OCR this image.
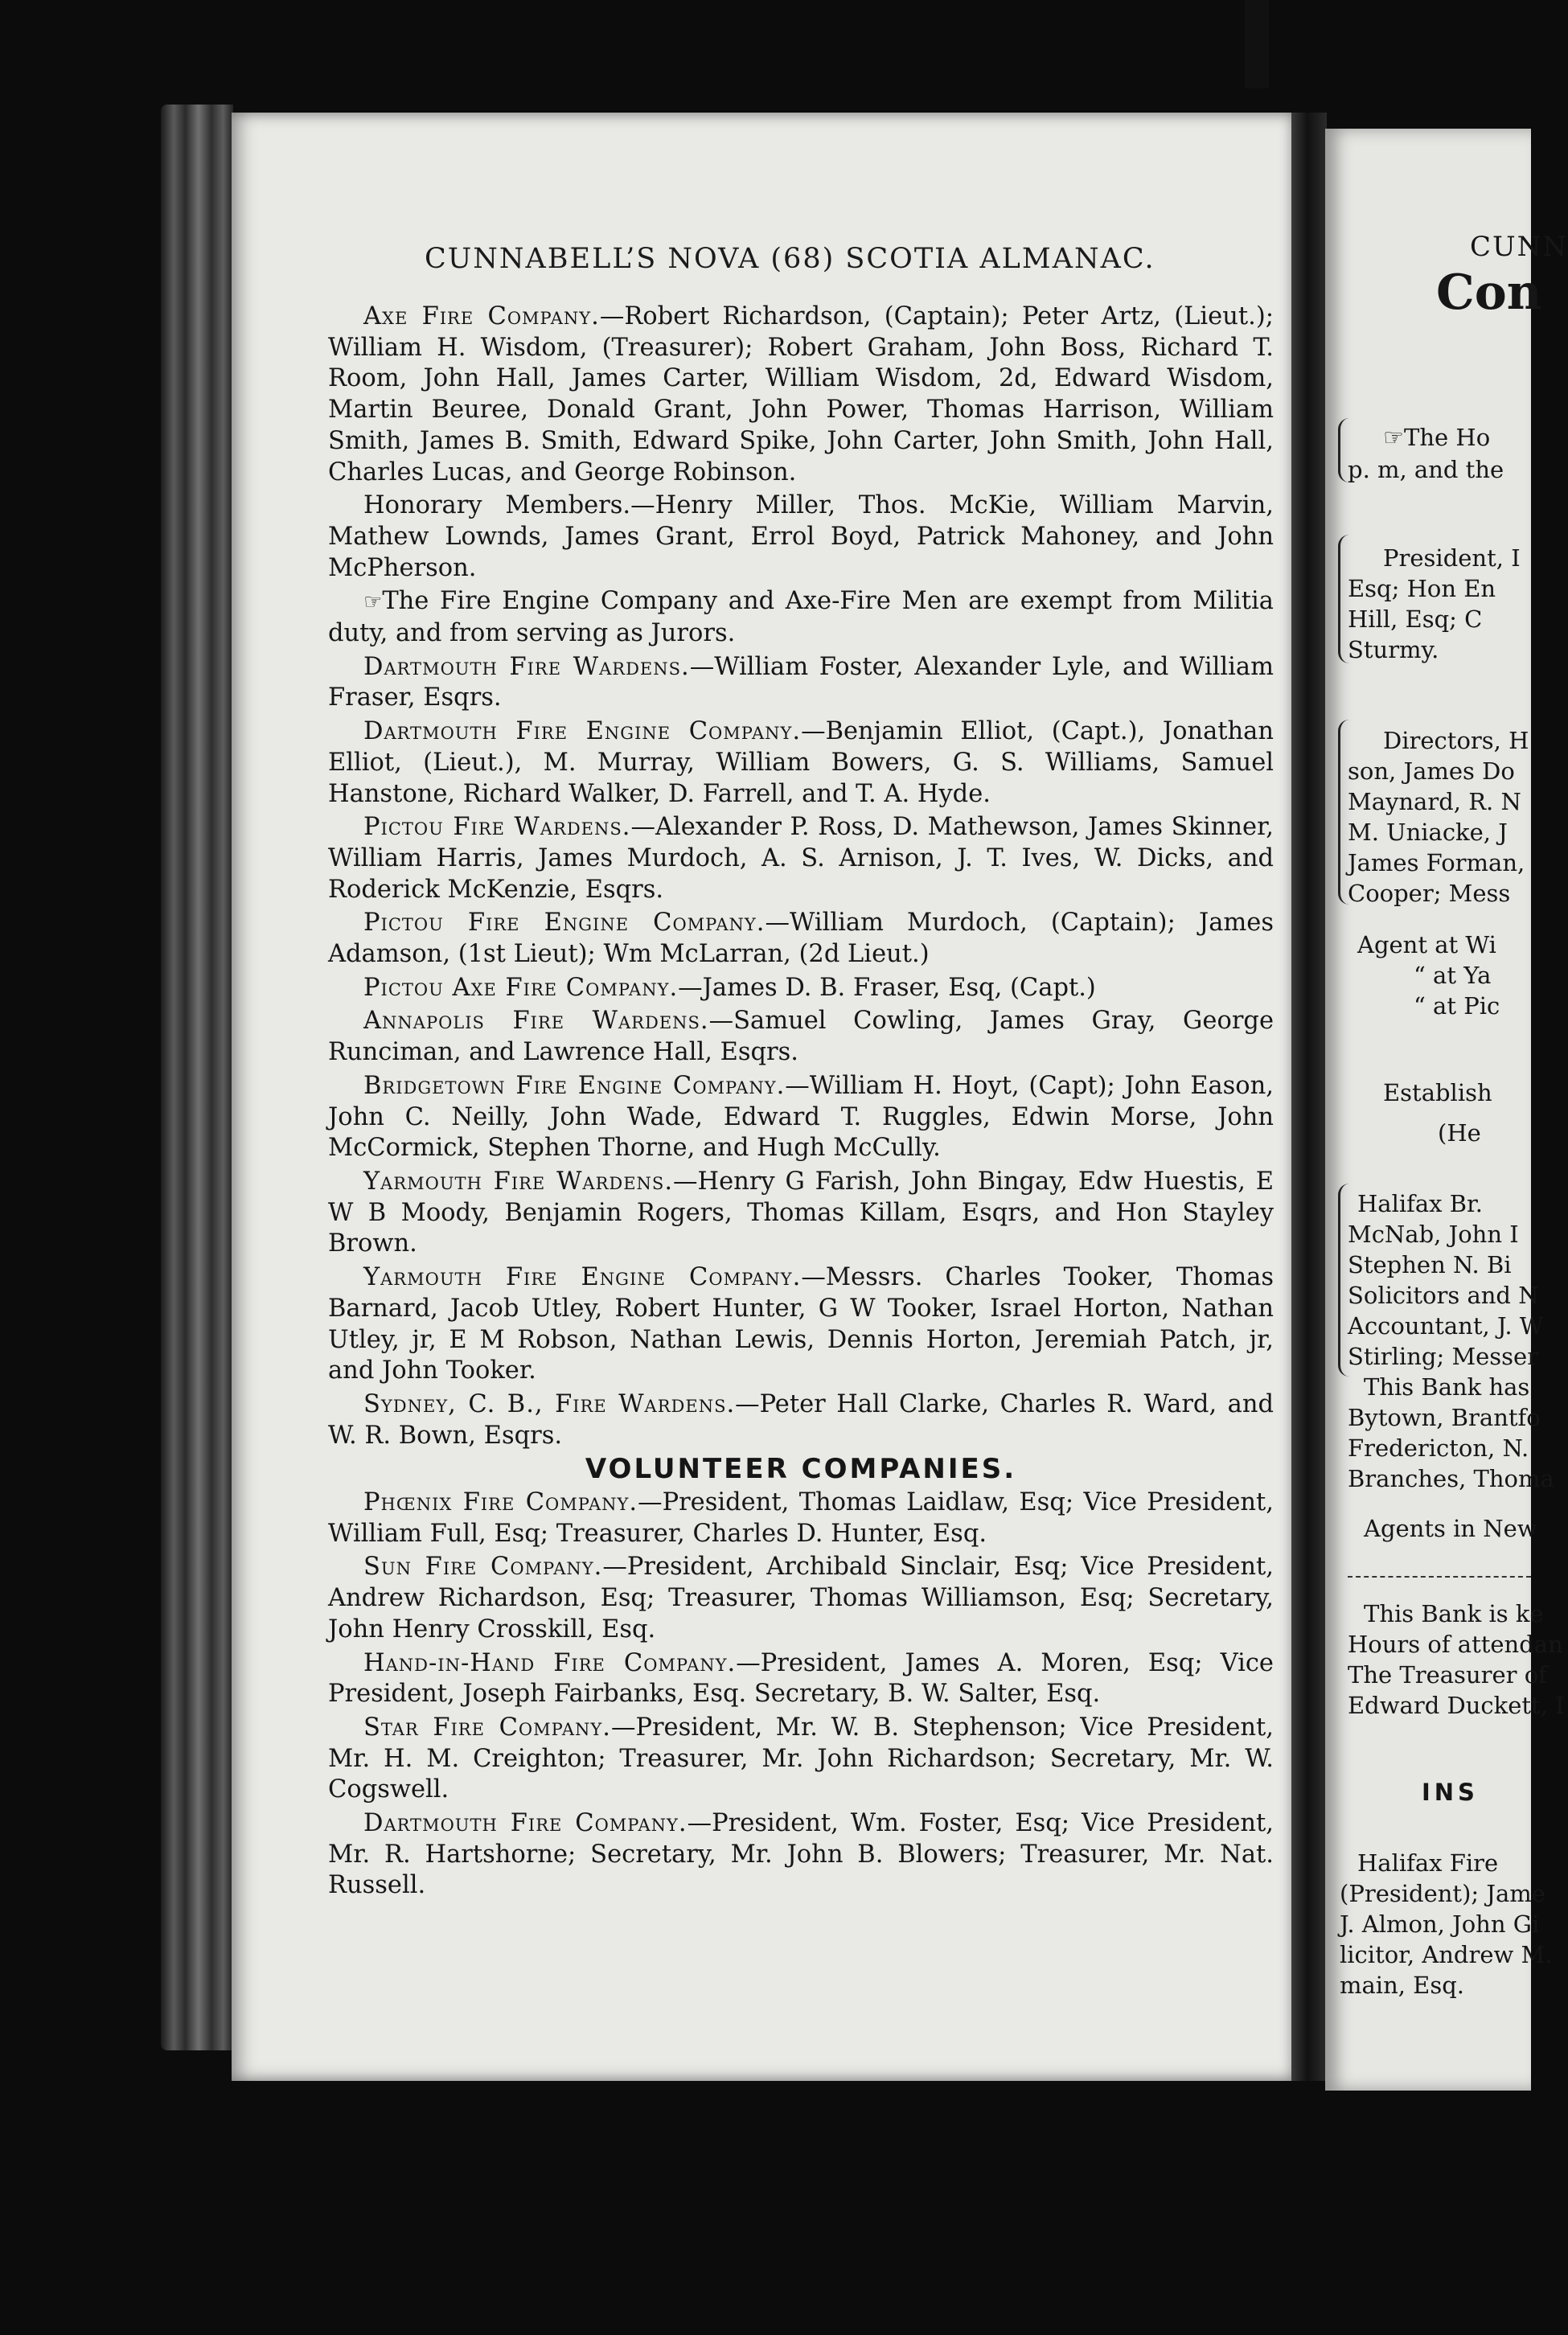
CUNN
Con
☞The Ho
p. m, and the
President, I
Esq; Hon En
Hill, Esq; C
Sturmy.
Directors, H
son, James Do
Maynard, R. N
M. Uniacke, J
James Forman,
Cooper; Mess
Agent at Wi
“ at Ya
“ at Pic
Establish
(He
Halifax Br.
McNab, John I
Stephen N. Bi
Solicitors and N
Accountant, J. W
Stirling; Messer
This Bank has
Bytown, Brantfo
Fredericton, N.
Branches, Thoma
Agents in New
This Bank is ke
Hours of attendan
The Treasurer of
Edward Duckett, I
INS
Halifax Fire
(President); Jame
J. Almon, John Gi
licitor, Andrew M.
main, Esq.
CUNNABELL’S NOVA (68) SCOTIA ALMANAC.

Axe Fire Company.—Robert Richardson, (Captain); Peter Artz, (Lieut.); William H. Wisdom, (Treasurer); Robert Graham, John Boss, Richard T. Room, John Hall, James Carter, William Wisdom, 2d, Edward Wisdom, Martin Beuree, Donald Grant, John Power, Thomas Harrison, William Smith, James B. Smith, Edward Spike, John Carter, John Smith, John Hall, Charles Lucas, and George Robinson.

Honorary Members.—Henry Miller, Thos. McKie, William Marvin, Mathew Lownds, James Grant, Errol Boyd, Patrick Mahoney, and John McPherson.

☞The Fire Engine Company and Axe-Fire Men are exempt from Militia duty, and from serving as Jurors.

Dartmouth Fire Wardens.—William Foster, Alexander Lyle, and William Fraser, Esqrs.

Dartmouth Fire Engine Company.—Benjamin Elliot, (Capt.), Jonathan Elliot, (Lieut.), M. Murray, William Bowers, G. S. Williams, Samuel Hanstone, Richard Walker, D. Farrell, and T. A. Hyde.

Pictou Fire Wardens.—Alexander P. Ross, D. Mathewson, James Skinner, William Harris, James Murdoch, A. S. Arnison, J. T. Ives, W. Dicks, and Roderick McKenzie, Esqrs.

Pictou Fire Engine Company.—William Murdoch, (Captain); James Adamson, (1st Lieut); Wm McLarran, (2d Lieut.)

Pictou Axe Fire Company.—James D. B. Fraser, Esq, (Capt.)

Annapolis Fire Wardens.—Samuel Cowling, James Gray, George Runciman, and Lawrence Hall, Esqrs.

Bridgetown Fire Engine Company.—William H. Hoyt, (Capt); John Eason, John C. Neilly, John Wade, Edward T. Ruggles, Edwin Morse, John McCormick, Stephen Thorne, and Hugh McCully.

Yarmouth Fire Wardens.—Henry G Farish, John Bingay, Edw Huestis, E W B Moody, Benjamin Rogers, Thomas Killam, Esqrs, and Hon Stayley Brown.

Yarmouth Fire Engine Company.—Messrs. Charles Tooker, Thomas Barnard, Jacob Utley, Robert Hunter, G W Tooker, Israel Horton, Nathan Utley, jr, E M Robson, Nathan Lewis, Dennis Horton, Jeremiah Patch, jr, and John Tooker.

Sydney, C. B., Fire Wardens.—Peter Hall Clarke, Charles R. Ward, and W. R. Bown, Esqrs.

VOLUNTEER COMPANIES.

Phœnix Fire Company.—President, Thomas Laidlaw, Esq; Vice President, William Full, Esq; Treasurer, Charles D. Hunter, Esq.

Sun Fire Company.—President, Archibald Sinclair, Esq; Vice President, Andrew Richardson, Esq; Treasurer, Thomas Williamson, Esq; Secretary, John Henry Crosskill, Esq.

Hand-in-Hand Fire Company.—President, James A. Moren, Esq; Vice President, Joseph Fairbanks, Esq. Secretary, B. W. Salter, Esq.

Star Fire Company.—President, Mr. W. B. Stephenson; Vice President, Mr. H. M. Creighton; Treasurer, Mr. John Richardson; Secretary, Mr. W. Cogswell.

Dartmouth Fire Company.—President, Wm. Foster, Esq; Vice President, Mr. R. Hartshorne; Secretary, Mr. John B. Blowers; Treasurer, Mr. Nat. Russell.
